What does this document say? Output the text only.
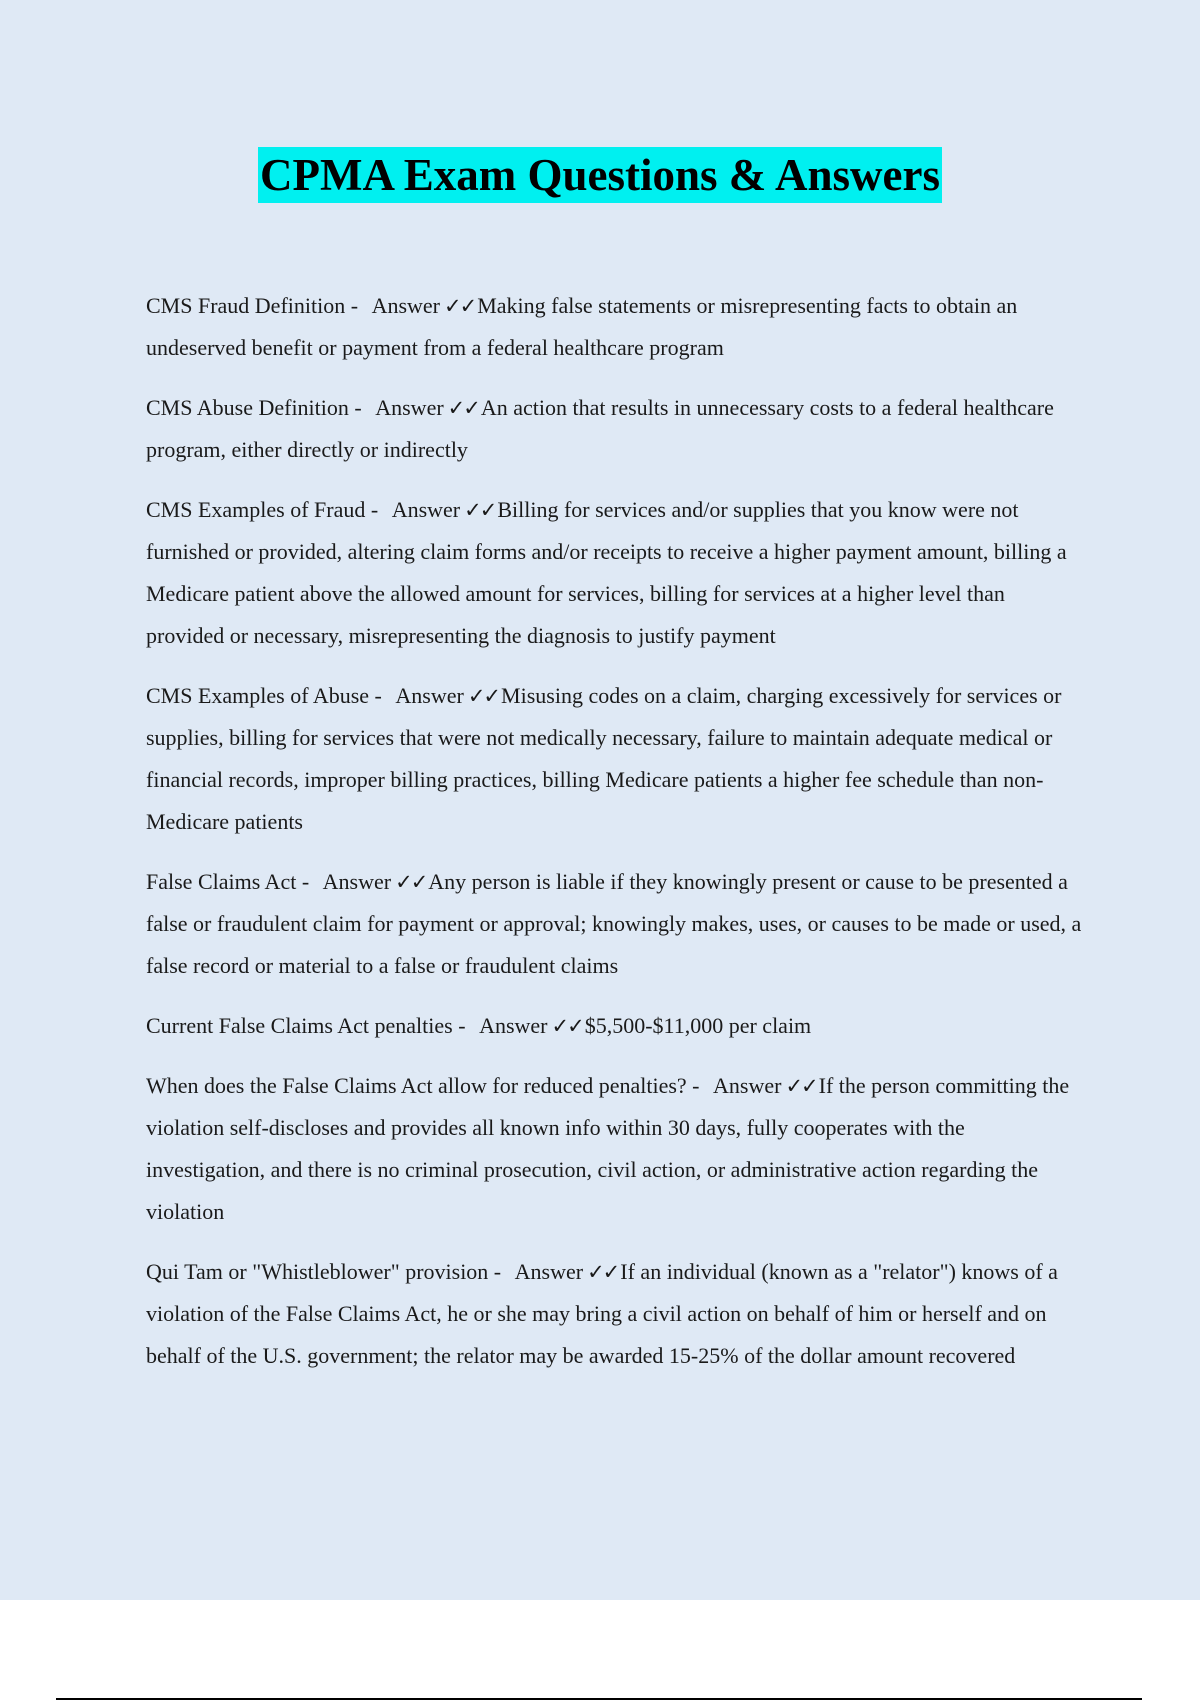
CPMA Exam Questions & Answers

CMS Fraud Definition - Answer ✓✓Making false statements or misrepresenting facts to obtain an undeserved benefit or payment from a federal healthcare program

CMS Abuse Definition - Answer ✓✓An action that results in unnecessary costs to a federal healthcare program, either directly or indirectly

CMS Examples of Fraud - Answer ✓✓Billing for services and/or supplies that you know were not furnished or provided, altering claim forms and/or receipts to receive a higher payment amount, billing a Medicare patient above the allowed amount for services, billing for services at a higher level than provided or necessary, misrepresenting the diagnosis to justify payment

CMS Examples of Abuse - Answer ✓✓Misusing codes on a claim, charging excessively for services or supplies, billing for services that were not medically necessary, failure to maintain adequate medical or financial records, improper billing practices, billing Medicare patients a higher fee schedule than non-Medicare patients

False Claims Act - Answer ✓✓Any person is liable if they knowingly present or cause to be presented a false or fraudulent claim for payment or approval; knowingly makes, uses, or causes to be made or used, a false record or material to a false or fraudulent claims

Current False Claims Act penalties - Answer ✓✓$5,500-$11,000 per claim

When does the False Claims Act allow for reduced penalties? - Answer ✓✓If the person committing the violation self-discloses and provides all known info within 30 days, fully cooperates with the investigation, and there is no criminal prosecution, civil action, or administrative action regarding the violation

Qui Tam or "Whistleblower" provision - Answer ✓✓If an individual (known as a "relator") knows of a violation of the False Claims Act, he or she may bring a civil action on behalf of him or herself and on behalf of the U.S. government; the relator may be awarded 15-25% of the dollar amount recovered
